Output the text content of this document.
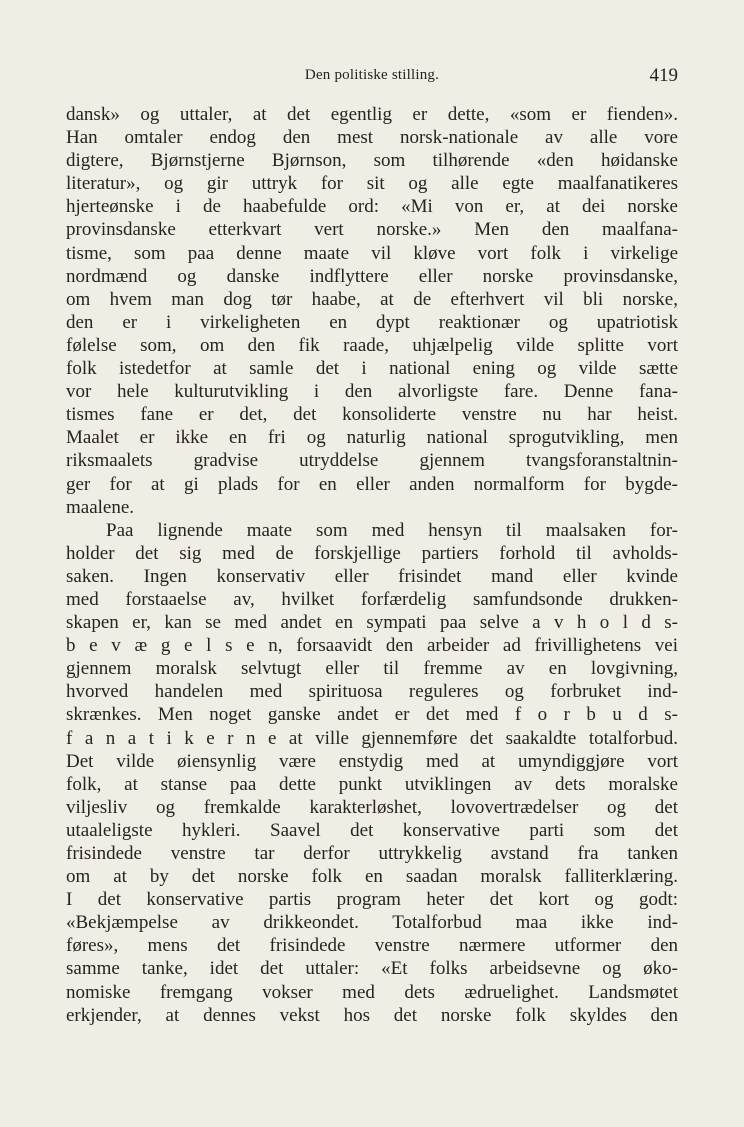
Den politiske stilling.	419
dansk» og uttaler, at det egentlig er dette, «som er fienden».
Han omtaler endog den mest norsk-nationale av alle vore
digtere, Bjørnstjerne Bjørnson, som tilhørende «den høidanske
literatur», og gir uttryk for sit og alle egte maalfanatikeres
hjerteønske i de haabefulde ord: «Mi von er, at dei norske
provinsdanske etterkvart vert norske.» Men den maalfana-
tisme, som paa denne maate vil kløve vort folk i virkelige
nordmænd og danske indflyttere eller norske provinsdanske,
om hvem man dog tør haabe, at de efterhvert vil bli norske,
den er i virkeligheten en dypt reaktionær og upatriotisk
følelse som, om den fik raade, uhjælpelig vilde splitte vort
folk istedetfor at samle det i national ening og vilde sætte
vor hele kulturutvikling i den alvorligste fare. Denne fana-
tismes fane er det, det konsoliderte venstre nu har heist.
Maalet er ikke en fri og naturlig national sprogutvikling, men
riksmaalets gradvise utryddelse gjennem tvangsforanstaltnin-
ger for at gi plads for en eller anden normalform for bygde-
maalene.
Paa lignende maate som med hensyn til maalsaken for-
holder det sig med de forskjellige partiers forhold til avholds-
saken. Ingen konservativ eller frisindet mand eller kvinde
med forstaaelse av, hvilket forfærdelig samfundsonde drukken-
skapen er, kan se med andet en sympati paa selve a v h o l d s-
b e v æ g e l s e n, forsaavidt den arbeider ad frivillighetens vei
gjennem moralsk selvtugt eller til fremme av en lovgivning,
hvorved handelen med spirituosa reguleres og forbruket ind-
skrænkes. Men noget ganske andet er det med f o r b u d s-
f a n a t i k e r n e at ville gjennemføre det saakaldte totalforbud.
Det vilde øiensynlig være enstydig med at umyndiggjøre vort
folk, at stanse paa dette punkt utviklingen av dets moralske
viljesliv og fremkalde karakterløshet, lovovertrædelser og det
utaaleligste hykleri. Saavel det konservative parti som det
frisindede venstre tar derfor uttrykkelig avstand fra tanken
om at by det norske folk en saadan moralsk falliterklæring.
I det konservative partis program heter det kort og godt:
«Bekjæmpelse av drikkeondet. Totalforbud maa ikke ind-
føres», mens det frisindede venstre nærmere utformer den
samme tanke, idet det uttaler: «Et folks arbeidsevne og øko-
nomiske fremgang vokser med dets ædruelighet. Landsmøtet
erkjender, at dennes vekst hos det norske folk skyldes den
